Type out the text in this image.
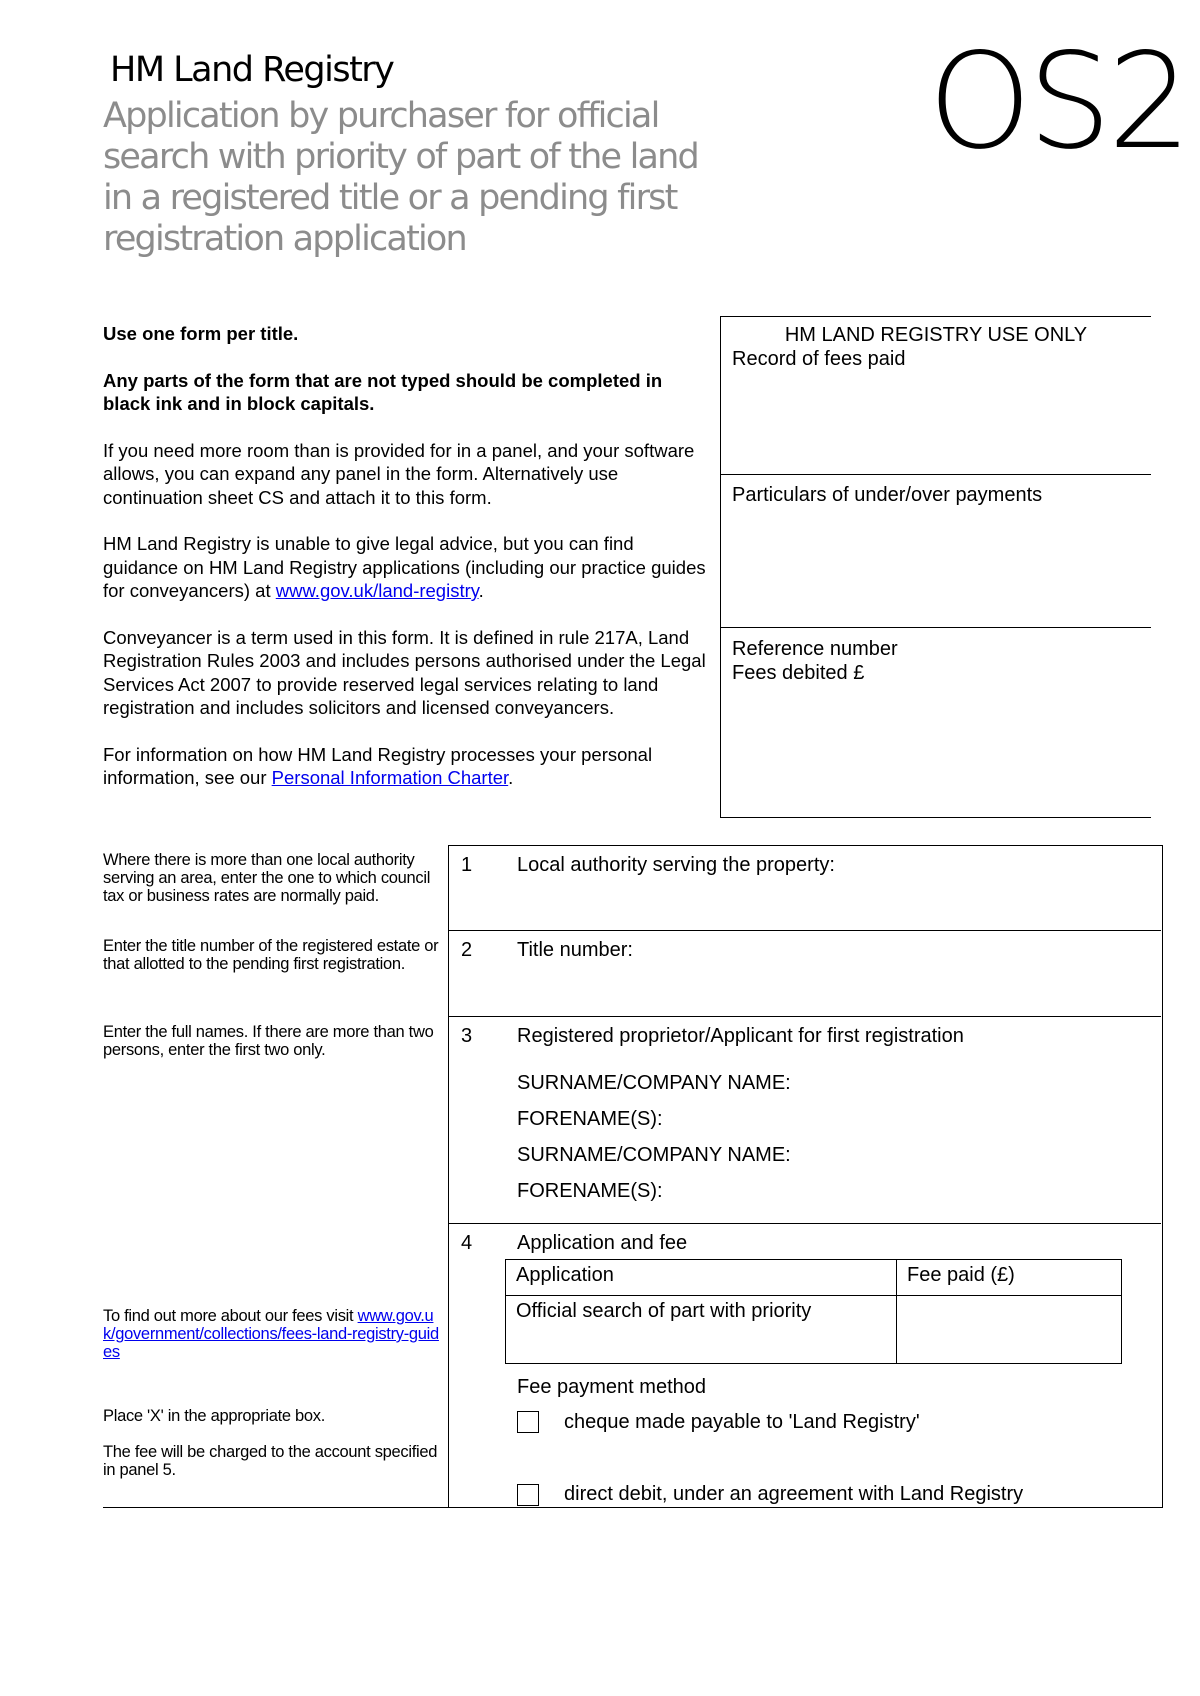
HM Land Registry
Application by purchaser for official
search with priority of part of the land
in a registered title or a pending first
registration application
OS2

Use one form per title.

Any parts of the form that are not typed should be completed in black ink and in block capitals.

If you need more room than is provided for in a panel, and your software allows, you can expand any panel in the form. Alternatively use continuation sheet CS and attach it to this form.

HM Land Registry is unable to give legal advice, but you can find guidance on HM Land Registry applications (including our practice guides for conveyancers) at www.gov.uk/land-registry.

Conveyancer is a term used in this form. It is defined in rule 217A, Land Registration Rules 2003 and includes persons authorised under the Legal Services Act 2007 to provide reserved legal services relating to land registration and includes solicitors and licensed conveyancers.

For information on how HM Land Registry processes your personal information, see our Personal Information Charter.

HM LAND REGISTRY USE ONLY
Record of fees paid
Particulars of under/over payments
Reference number
Fees debited £
Where there is more than one local authority serving an area, enter the one to which council tax or business rates are normally paid.
Enter the title number of the registered estate or that allotted to the pending first registration.
Enter the full names. If there are more than two persons, enter the first two only.
To find out more about our fees visit www.gov.uk/government/collections/fees-land-registry-guides
Place 'X' in the appropriate box.
The fee will be charged to the account specified in panel 5.
1 Local authority serving the property:
2 Title number:
3 Registered proprietor/Applicant for first registration
SURNAME/COMPANY NAME:
FORENAME(S):
SURNAME/COMPANY NAME:
FORENAME(S):
4 Application and fee
Application	Fee paid (£)
Official search of part with priority	
Fee payment method
cheque made payable to 'Land Registry'
direct debit, under an agreement with Land Registry
